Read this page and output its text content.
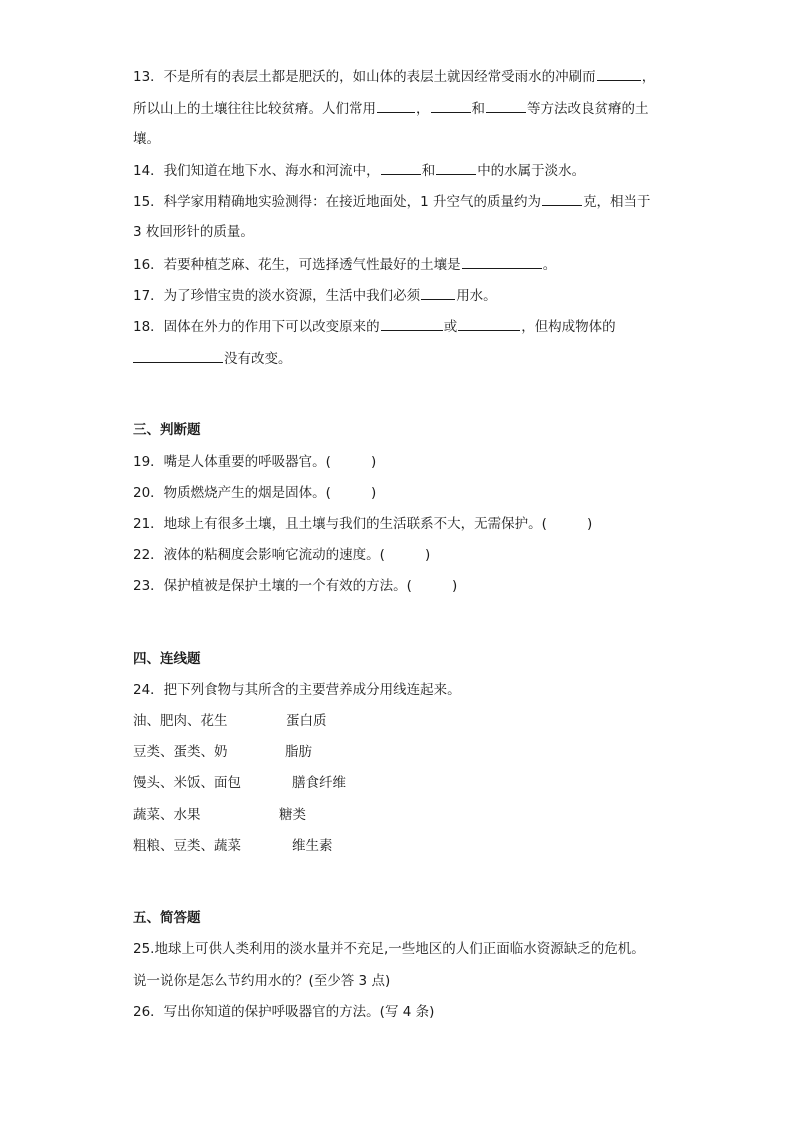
13．不是所有的表层土都是肥沃的，如山体的表层土就因经常受雨水的冲刷而	，
所以山上的土壤往往比较贫瘠。人们常用	，	和	等方法改良贫瘠的土
壤。
14．我们知道在地下水、海水和河流中，	和	中的水属于淡水。
15．科学家用精确地实验测得：在接近地面处，1 升空气的质量约为	克，相当于
3 枚回形针的质量。
16．若要种植芝麻、花生，可选择透气性最好的土壤是	。
17．为了珍惜宝贵的淡水资源，生活中我们必须	用水。
18．固体在外力的作用下可以改变原来的	或	，但构成物体的
没有改变。
三、判断题
19．嘴是人体重要的呼吸器官。(	)
20．物质燃烧产生的烟是固体。(	)
21．地球上有很多土壤，且土壤与我们的生活联系不大，无需保护。(	)
22．液体的粘稠度会影响它流动的速度。(	)
23．保护植被是保护土壤的一个有效的方法。(	)
四、连线题
24．把下列食物与其所含的主要营养成分用线连起来。
油、肥肉、花生	蛋白质
豆类、蛋类、奶	脂肪
馒头、米饭、面包	膳食纤维
蔬菜、水果	糖类
粗粮、豆类、蔬菜	维生素
五、简答题
25.地球上可供人类利用的淡水量并不充足,一些地区的人们正面临水资源缺乏的危机。
说一说你是怎么节约用水的？(至少答 3 点)
26．写出你知道的保护呼吸器官的方法。(写 4 条)
